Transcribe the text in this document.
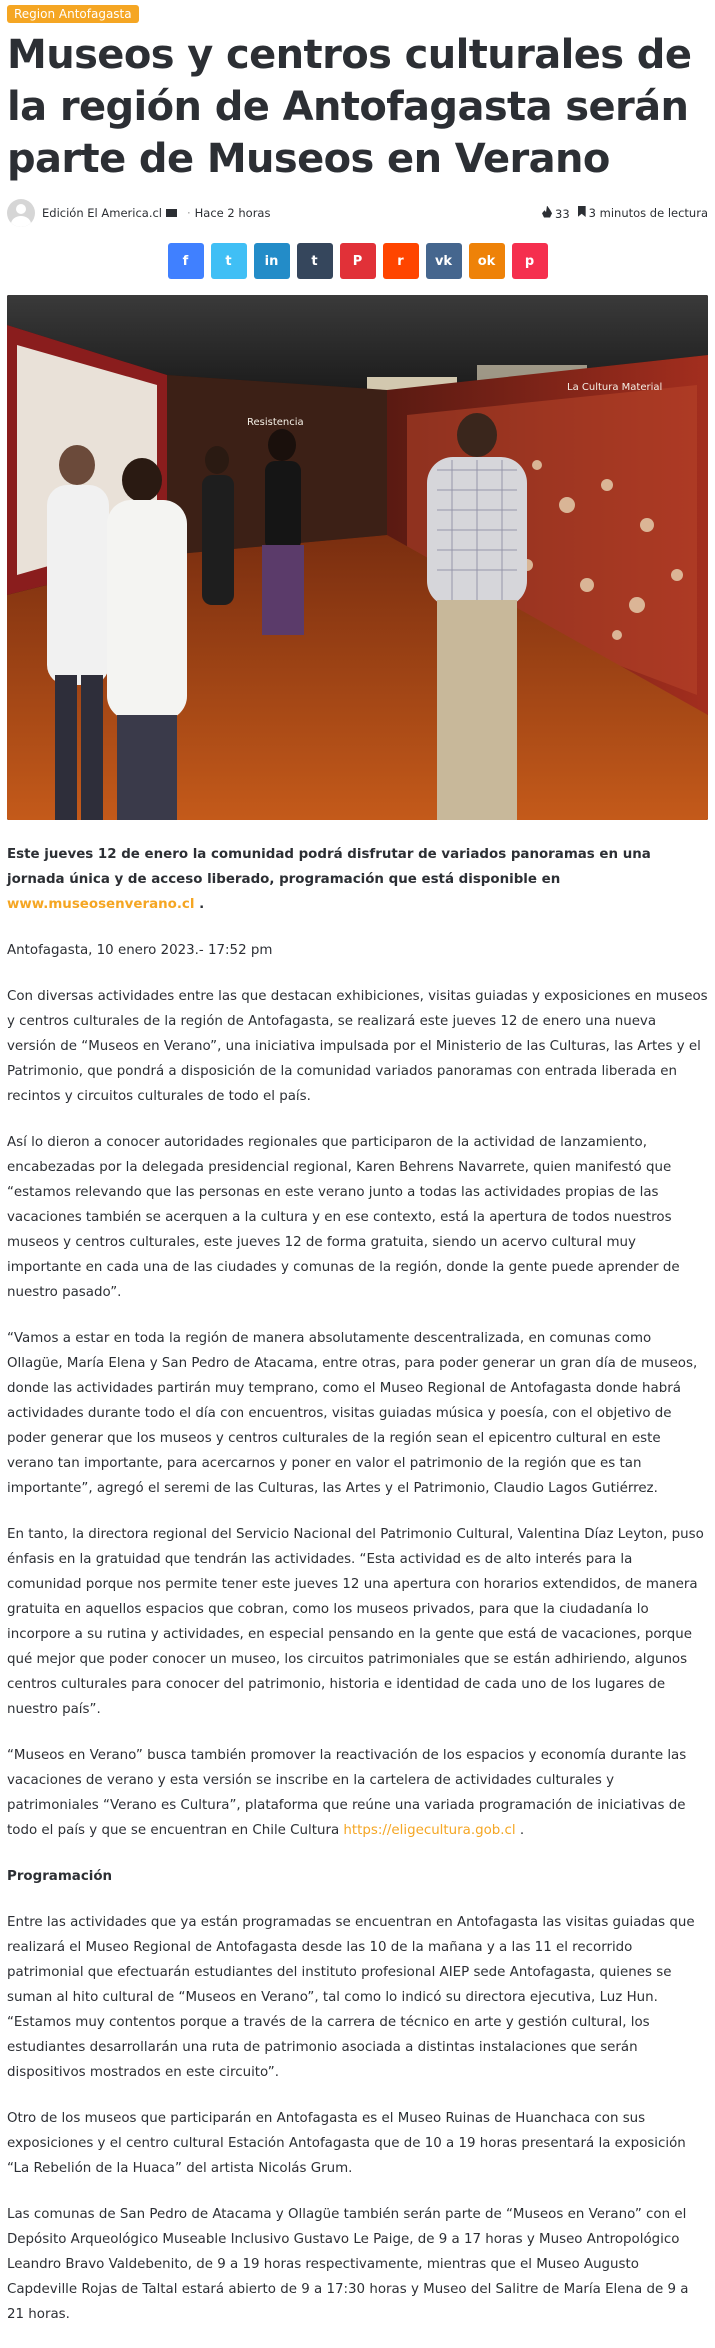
Region Antofagasta
Museos y centros culturales de la región de Antofagasta serán parte de Museos en Verano
Edición El America.cl · Hace 2 horas	33	3 minutos de lectura
f	t	in	t	P	r vk ok p
Resistencia
La Cultura Material

Este jueves 12 de enero la comunidad podrá disfrutar de variados panoramas en una jornada única y de acceso liberado, programación que está disponible en www.museosenverano.cl .

Antofagasta, 10 enero 2023.- 17:52 pm

Con diversas actividades entre las que destacan exhibiciones, visitas guiadas y exposiciones en museos y centros culturales de la región de Antofagasta, se realizará este jueves 12 de enero una nueva versión de “Museos en Verano”, una iniciativa impulsada por el Ministerio de las Culturas, las Artes y el Patrimonio, que pondrá a disposición de la comunidad variados panoramas con entrada liberada en recintos y circuitos culturales de todo el país.

Así lo dieron a conocer autoridades regionales que participaron de la actividad de lanzamiento, encabezadas por la delegada presidencial regional, Karen Behrens Navarrete, quien manifestó que “estamos relevando que las personas en este verano junto a todas las actividades propias de las vacaciones también se acerquen a la cultura y en ese contexto, está la apertura de todos nuestros museos y centros culturales, este jueves 12 de forma gratuita, siendo un acervo cultural muy importante en cada una de las ciudades y comunas de la región, donde la gente puede aprender de nuestro pasado”.

“Vamos a estar en toda la región de manera absolutamente descentralizada, en comunas como Ollagüe, María Elena y San Pedro de Atacama, entre otras, para poder generar un gran día de museos, donde las actividades partirán muy temprano, como el Museo Regional de Antofagasta donde habrá actividades durante todo el día con encuentros, visitas guiadas música y poesía, con el objetivo de poder generar que los museos y centros culturales de la región sean el epicentro cultural en este verano tan importante, para acercarnos y poner en valor el patrimonio de la región que es tan importante”, agregó el seremi de las Culturas, las Artes y el Patrimonio, Claudio Lagos Gutiérrez.

En tanto, la directora regional del Servicio Nacional del Patrimonio Cultural, Valentina Díaz Leyton, puso énfasis en la gratuidad que tendrán las actividades. “Esta actividad es de alto interés para la comunidad porque nos permite tener este jueves 12 una apertura con horarios extendidos, de manera gratuita en aquellos espacios que cobran, como los museos privados, para que la ciudadanía lo incorpore a su rutina y actividades, en especial pensando en la gente que está de vacaciones, porque qué mejor que poder conocer un museo, los circuitos patrimoniales que se están adhiriendo, algunos centros culturales para conocer del patrimonio, historia e identidad de cada uno de los lugares de nuestro país”.

“Museos en Verano” busca también promover la reactivación de los espacios y economía durante las vacaciones de verano y esta versión se inscribe en la cartelera de actividades culturales y patrimoniales “Verano es Cultura”, plataforma que reúne una variada programación de iniciativas de todo el país y que se encuentran en Chile Cultura https://eligecultura.gob.cl .

Programación

Entre las actividades que ya están programadas se encuentran en Antofagasta las visitas guiadas que realizará el Museo Regional de Antofagasta desde las 10 de la mañana y a las 11 el recorrido patrimonial que efectuarán estudiantes del instituto profesional AIEP sede Antofagasta, quienes se suman al hito cultural de “Museos en Verano”, tal como lo indicó su directora ejecutiva, Luz Hun. “Estamos muy contentos porque a través de la carrera de técnico en arte y gestión cultural, los estudiantes desarrollarán una ruta de patrimonio asociada a distintas instalaciones que serán dispositivos mostrados en este circuito”.

Otro de los museos que participarán en Antofagasta es el Museo Ruinas de Huanchaca con sus exposiciones y el centro cultural Estación Antofagasta que de 10 a 19 horas presentará la exposición “La Rebelión de la Huaca” del artista Nicolás Grum.

Las comunas de San Pedro de Atacama y Ollagüe también serán parte de “Museos en Verano” con el Depósito Arqueológico Museable Inclusivo Gustavo Le Paige, de 9 a 17 horas y Museo Antropológico Leandro Bravo Valdebenito, de 9 a 19 horas respectivamente, mientras que el Museo Augusto Capdeville Rojas de Taltal estará abierto de 9 a 17:30 horas y Museo del Salitre de María Elena de 9 a 21 horas.
